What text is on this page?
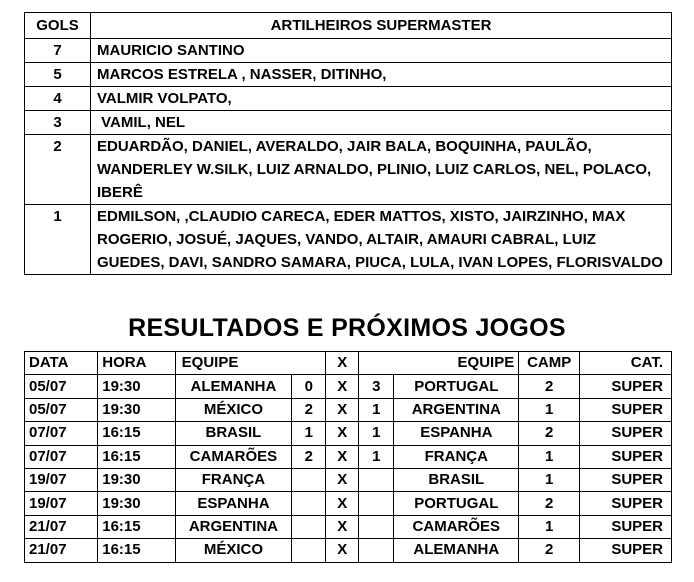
GOLS	ARTILHEIROS SUPERMASTER
7	MAURICIO SANTINO
5	MARCOS ESTRELA , NASSER, DITINHO,
4	VALMIR VOLPATO,
3	VAMIL, NEL
2	EDUARDÃO, DANIEL, AVERALDO, JAIR BALA, BOQUINHA, PAULÃO, WANDERLEY W.SILK, LUIZ ARNALDO, PLINIO, LUIZ CARLOS, NEL, POLACO, IBERÊ
1	EDMILSON, ,CLAUDIO CARECA, EDER MATTOS, XISTO, JAIRZINHO, MAX ROGERIO, JOSUÉ, JAQUES, VANDO, ALTAIR, AMAURI CABRAL, LUIZ GUEDES, DAVI, SANDRO SAMARA, PIUCA, LULA, IVAN LOPES, FLORISVALDO
RESULTADOS E PRÓXIMOS JOGOS
DATA	HORA	EQUIPE		X	EQUIPE		CAMP	CAT.
05/07	19:30	ALEMANHA	0	X	3	PORTUGAL	2	SUPER
05/07	19:30	MÉXICO	2	X	1	ARGENTINA	1	SUPER
07/07	16:15	BRASIL	1	X	1	ESPANHA	2	SUPER
07/07	16:15	CAMARÕES	2	X	1	FRANÇA	1	SUPER
19/07	19:30	FRANÇA		X		BRASIL	1	SUPER
19/07	19:30	ESPANHA		X		PORTUGAL	2	SUPER
21/07	16:15	ARGENTINA		X		CAMARÕES	1	SUPER
21/07	16:15	MÉXICO		X		ALEMANHA	2	SUPER
